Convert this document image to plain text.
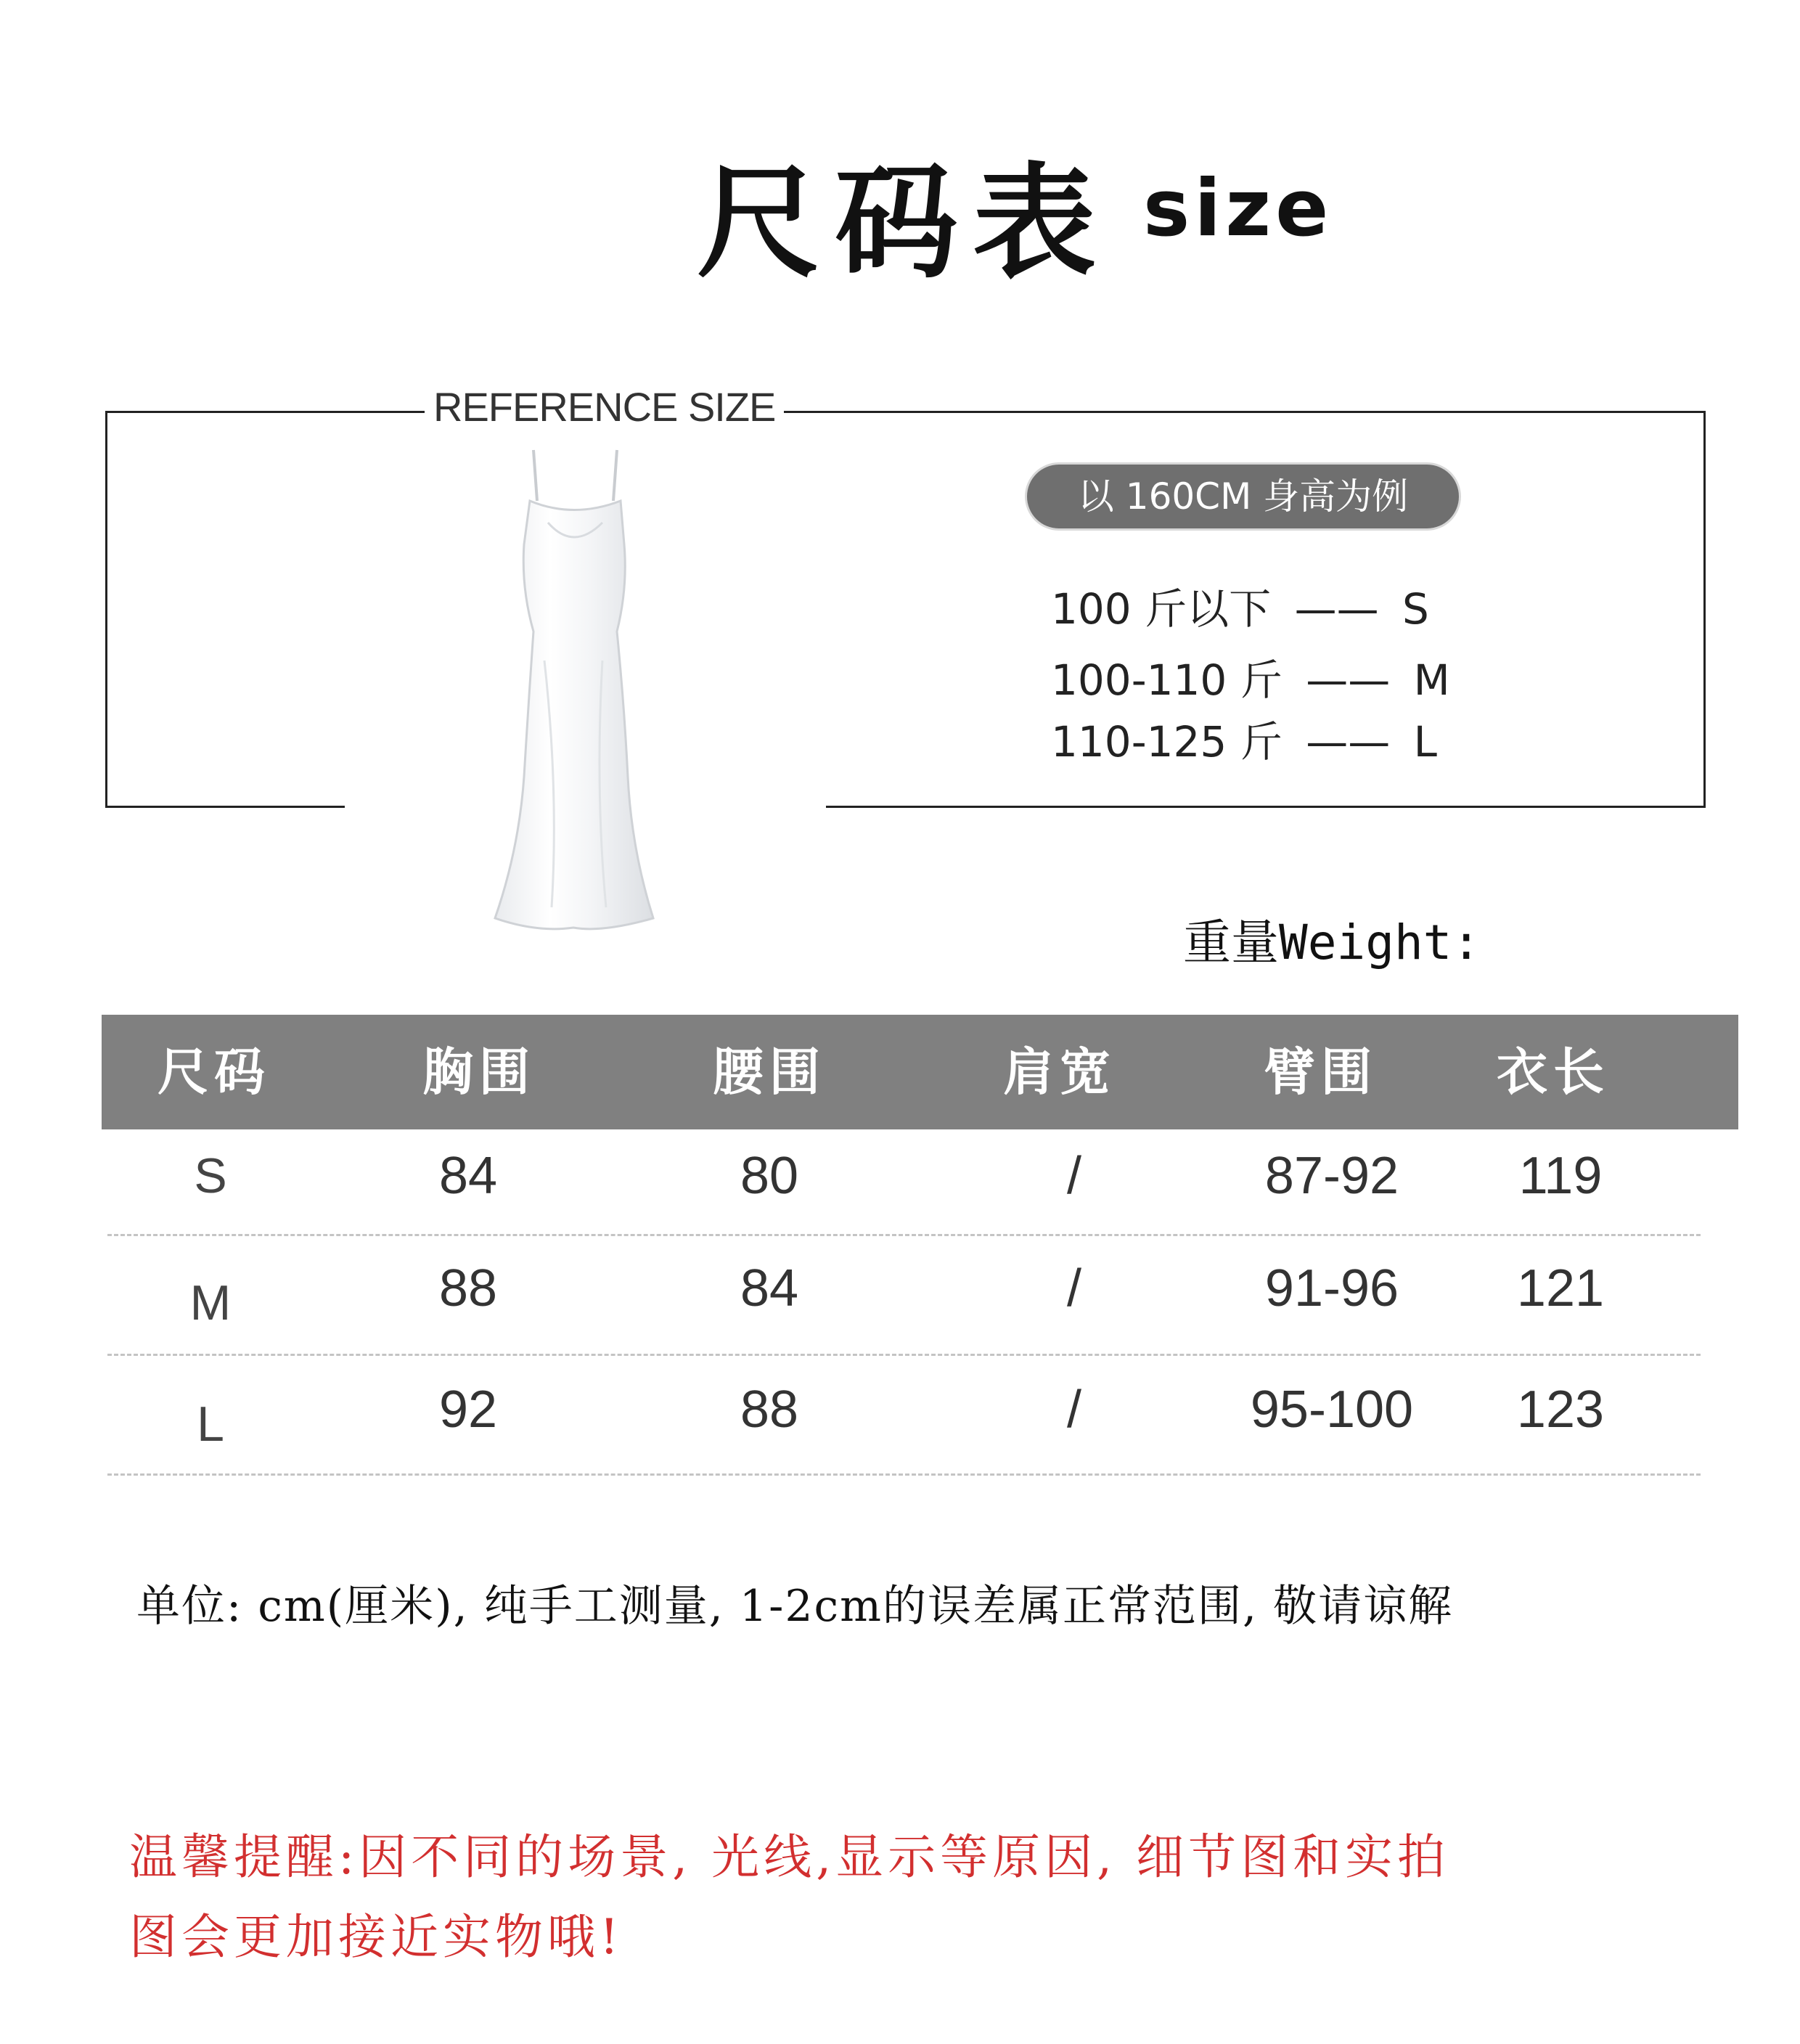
尺码表 size
REFERENCE SIZE
以 160CM 身高为例
100 斤以下 —— S
100-110 斤 —— M
110-125 斤 —— L
重量Weight:
尺码	胸围	腰围	肩宽	臂围	衣长
S	84	80	/	87-92	119
M	88	84	/	91-96	121
L	92	88	/	95-100	123
单位: cm(厘米), 纯手工测量, 1-2cm的误差属正常范围, 敬请谅解
温馨提醒:因不同的场景, 光线,显示等原因, 细节图和实拍
图会更加接近实物哦!
